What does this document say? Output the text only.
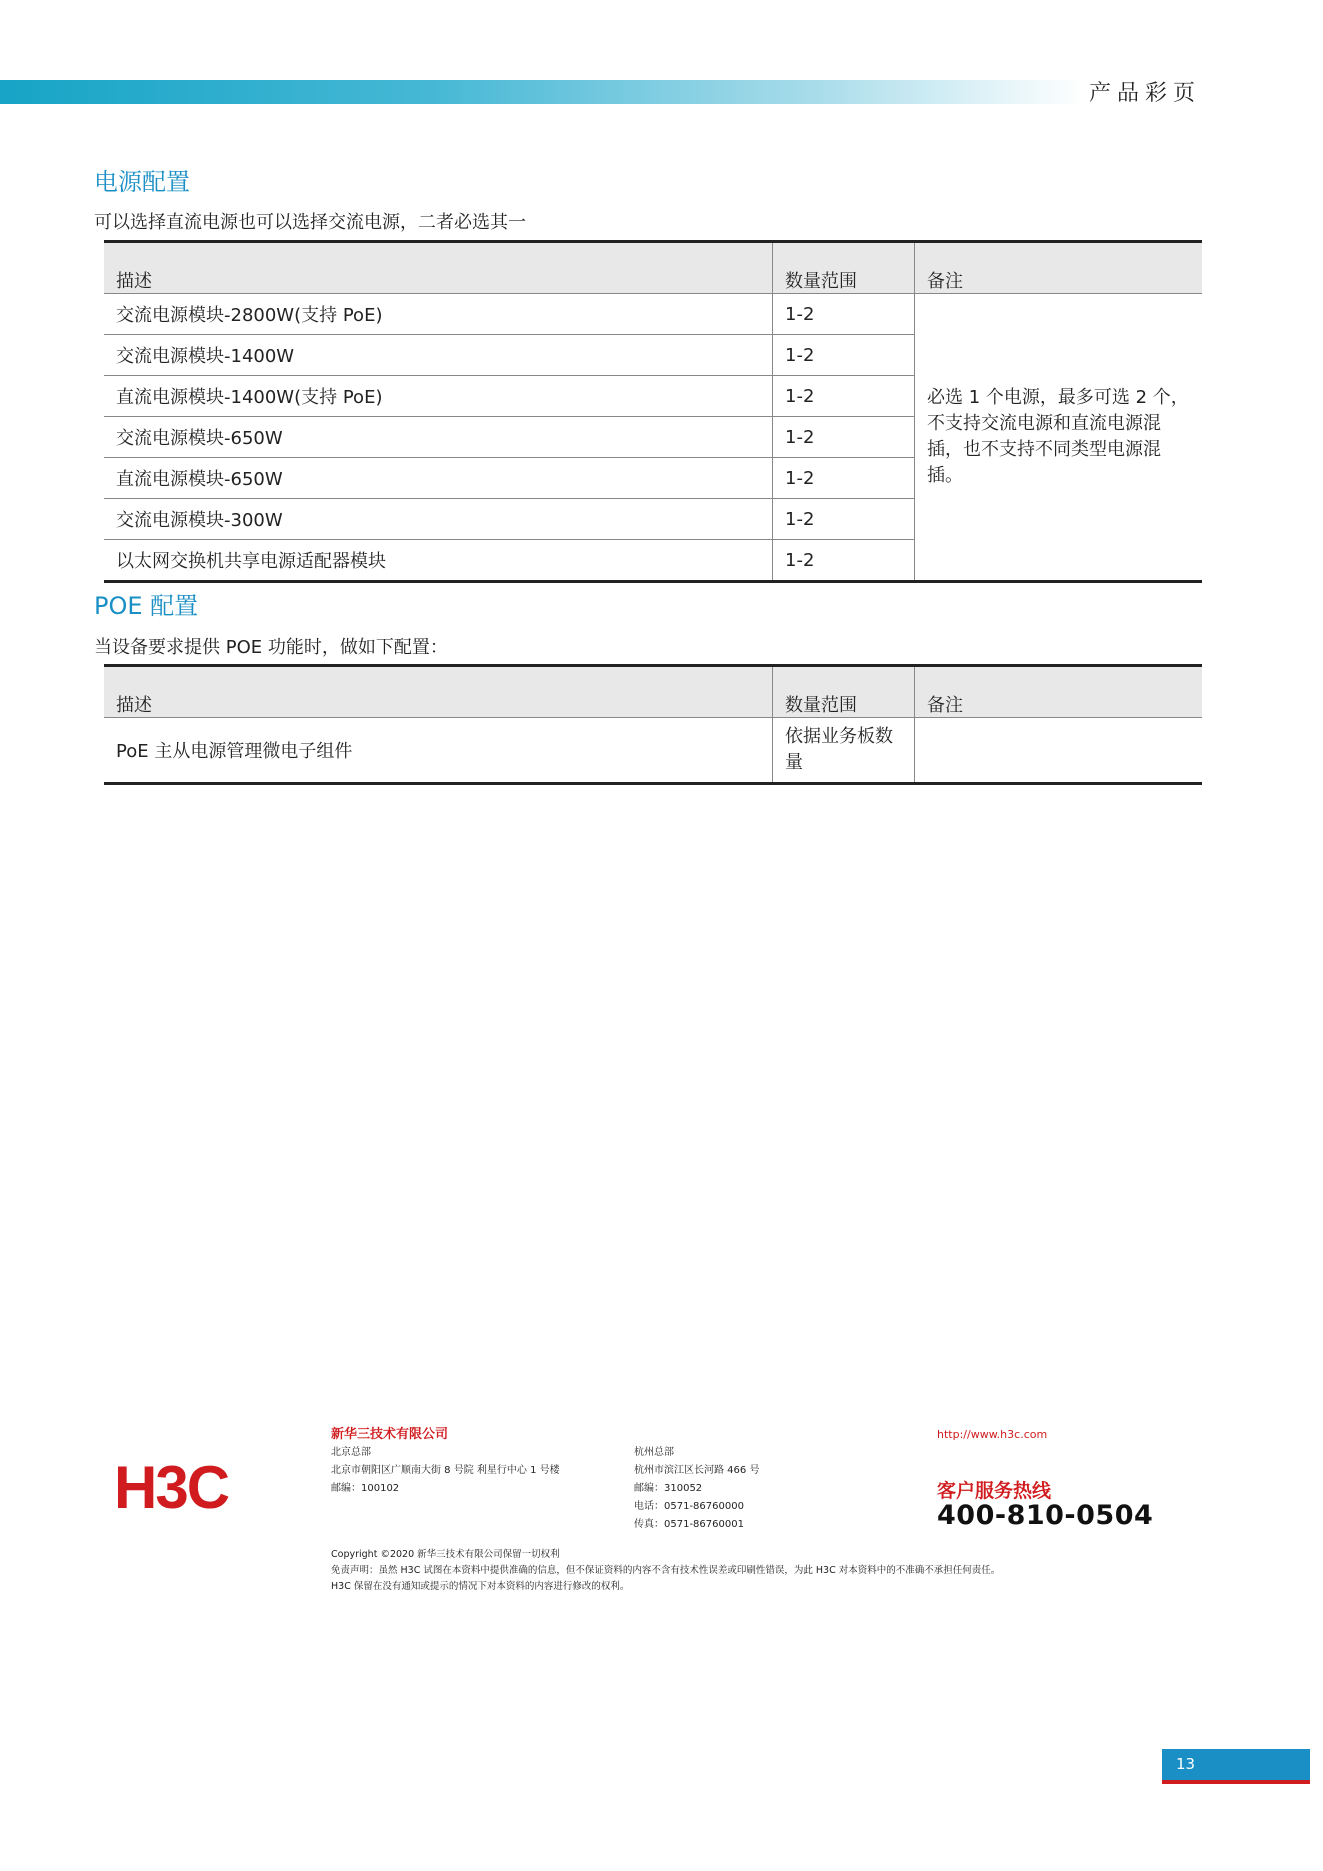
产品彩页
电源配置
可以选择直流电源也可以选择交流电源，二者必选其一
描述	数量范围	备注
交流电源模块-2800W(支持 PoE)	1-2	必选 1 个电源，最多可选 2 个，不支持交流电源和直流电源混插，也不支持不同类型电源混插。
交流电源模块-1400W	1-2	
直流电源模块-1400W(支持 PoE)	1-2	
交流电源模块-650W	1-2	
直流电源模块-650W	1-2	
交流电源模块-300W	1-2	
以太网交换机共享电源适配器模块	1-2	
POE 配置
当设备要求提供 POE 功能时，做如下配置：
描述	数量范围	备注
PoE 主从电源管理微电子组件	依据业务板数量	
H3C
新华三技术有限公司
北京总部
北京市朝阳区广顺南大街 8 号院 利星行中心 1 号楼
邮编：100102
杭州总部
杭州市滨江区长河路 466 号
邮编：310052
电话：0571-86760000
传真：0571-86760001
http://www.h3c.com
客户服务热线
400-810-0504
Copyright ©2020 新华三技术有限公司保留一切权利
免责声明：虽然 H3C 试图在本资料中提供准确的信息，但不保证资料的内容不含有技术性误差或印刷性错误，为此 H3C 对本资料中的不准确不承担任何责任。
H3C 保留在没有通知或提示的情况下对本资料的内容进行修改的权利。
13
